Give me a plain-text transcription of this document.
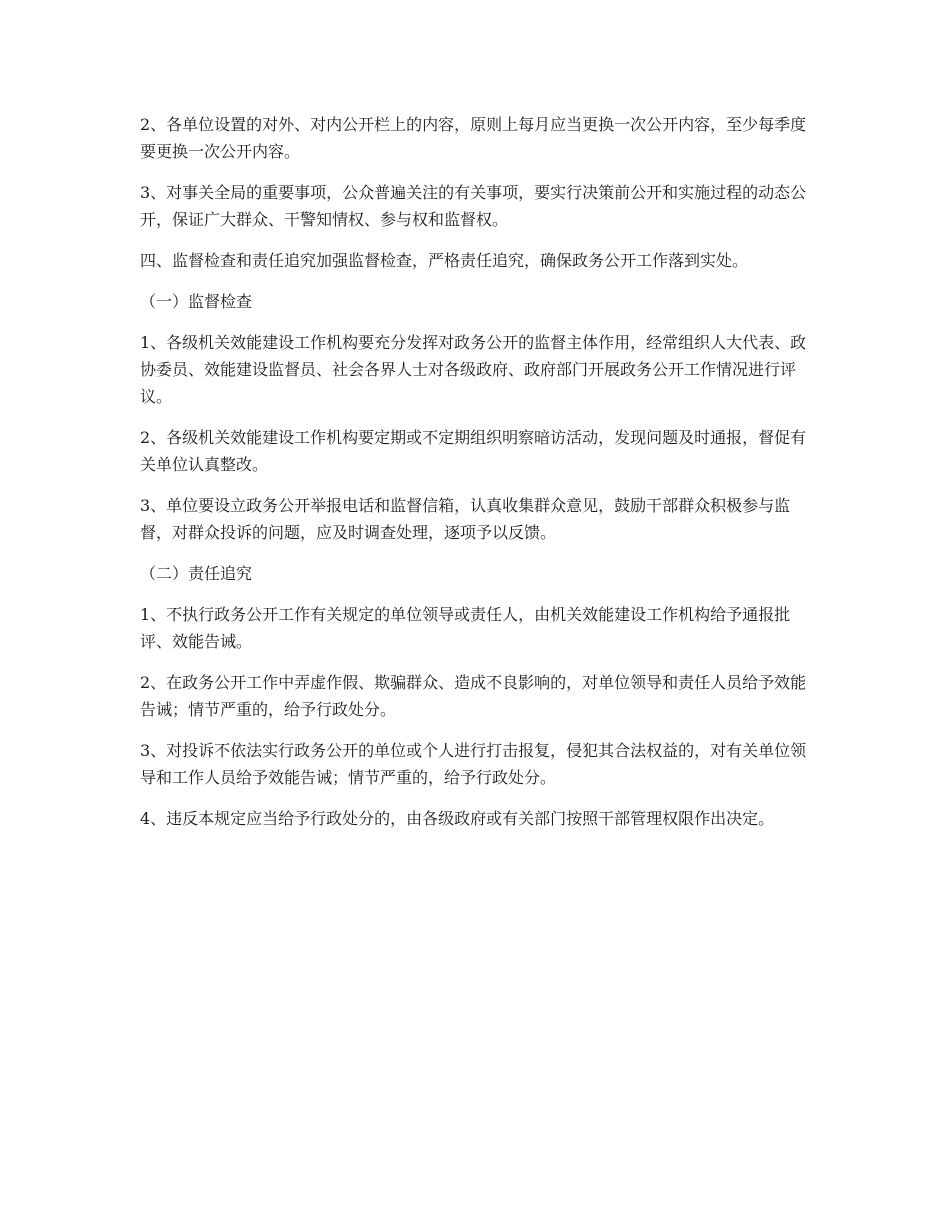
2、各单位设置的对外、对内公开栏上的内容，原则上每月应当更换一次公开内容，至少每季度要更换一次公开内容。

3、对事关全局的重要事项，公众普遍关注的有关事项，要实行决策前公开和实施过程的动态公开，保证广大群众、干警知情权、参与权和监督权。

四、监督检查和责任追究加强监督检查，严格责任追究，确保政务公开工作落到实处。

（一）监督检查

1、各级机关效能建设工作机构要充分发挥对政务公开的监督主体作用，经常组织人大代表、政协委员、效能建设监督员、社会各界人士对各级政府、政府部门开展政务公开工作情况进行评议。

2、各级机关效能建设工作机构要定期或不定期组织明察暗访活动，发现问题及时通报，督促有关单位认真整改。

3、单位要设立政务公开举报电话和监督信箱，认真收集群众意见，鼓励干部群众积极参与监督，对群众投诉的问题，应及时调查处理，逐项予以反馈。

（二）责任追究

1、不执行政务公开工作有关规定的单位领导或责任人，由机关效能建设工作机构给予通报批评、效能告诫。

2、在政务公开工作中弄虚作假、欺骗群众、造成不良影响的，对单位领导和责任人员给予效能告诫；情节严重的，给予行政处分。

3、对投诉不依法实行政务公开的单位或个人进行打击报复，侵犯其合法权益的，对有关单位领导和工作人员给予效能告诫；情节严重的，给予行政处分。

4、违反本规定应当给予行政处分的，由各级政府或有关部门按照干部管理权限作出决定。
